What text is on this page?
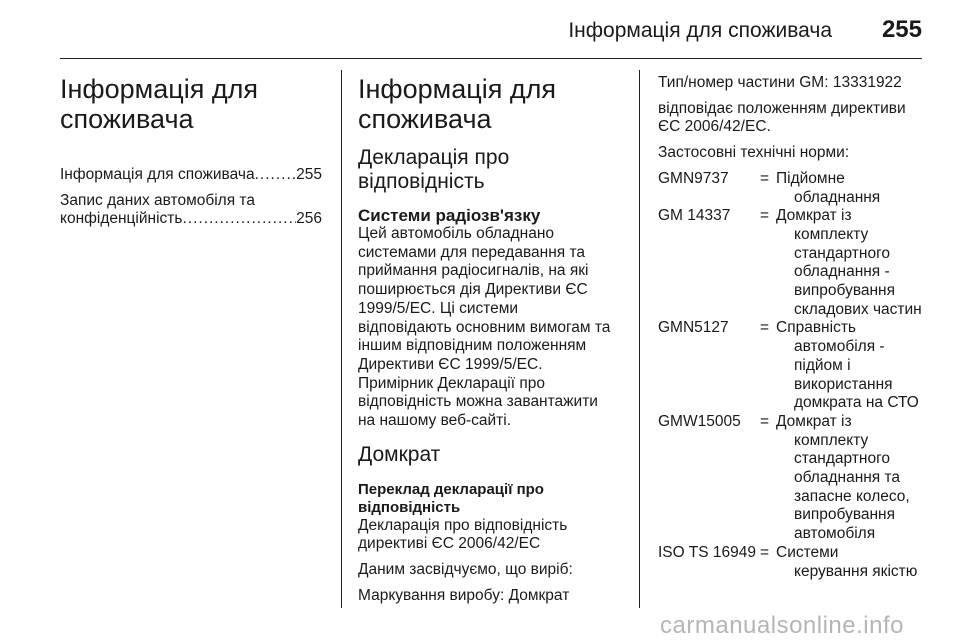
Інформація для споживача 255
Інформація для
споживача
Інформація для споживача .....	255
Запис даних автомобіля та
конфіденційність .....	256
Інформація для
споживача
Декларація про
відповідність
Системи радіозв'язку

Цей автомобіль обладнано
системами для передавання та
приймання радіосигналів, на які
поширюється дія Директиви ЄС
1999/5/ЕС. Ці системи
відповідають основним вимогам та
іншим відповідним положенням
Директиви ЄС 1999/5/ЕС.
Примірник Декларації про
відповідність можна завантажити
на нашому веб-сайті.

Домкрат
Переклад декларації про
відповідність

Декларація про відповідність
директиві ЄС 2006/42/ЕС

Даним засвідчуємо, що виріб:

Маркування виробу: Домкрат

Тип/номер частини GM: 13331922

відповідає положенням директиви
ЄС 2006/42/ЕС.

Застосовні технічні норми:

GMN9737	= Підйомне
обладнання
GM 14337	= Домкрат із
комплекту
стандартного
обладнання -
випробування
складових частин
GMN5127	= Справність
автомобіля -
підйом і
використання
домкрата на СТО
GMW15005	= Домкрат із
комплекту
стандартного
обладнання та
запасне колесо,
випробування
автомобіля
ISO TS 16949 = Системи
керування якістю
carmanualsonline.info
